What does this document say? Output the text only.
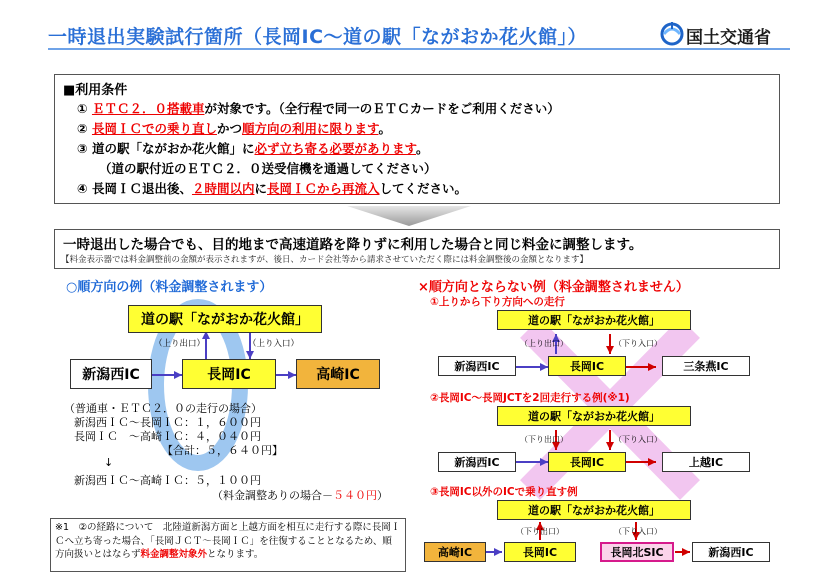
一時退出実験試行箇所（長岡IC～道の駅「ながおか花火館」）	国土交通省
■利用条件
① ＥＴＣ２．０搭載車が対象です。（全行程で同一のＥＴＣカードをご利用ください）
② 長岡ＩＣでの乗り直しかつ順方向の利用に限ります。
③ 道の駅「ながおか花火館」に必ず立ち寄る必要があります。
（道の駅付近のＥＴＣ２．０送受信機を通過してください）
④ 長岡ＩＣ退出後、２時間以内に長岡ＩＣから再流入してください。
一時退出した場合でも、目的地まで高速道路を降りずに利用した場合と同じ料金に調整します。
【料金表示器では料金調整前の金額が表示されますが、後日、カード会社等から請求させていただく際には料金調整後の金額となります】
○順方向の例（料金調整されます）	×順方向とならない例（料金調整されません）
道の駅「ながおか花火館」
（上り出口）	（上り入口）
新潟西IC	長岡IC	高崎IC
（普通車・ＥＴＣ２．０の走行の場合）
新潟西ＩＣ～長岡ＩＣ：１，６００円
長岡ＩＣ　～高崎ＩＣ：４，０４０円
【合計：５，６４０円】
↓
新潟西ＩＣ～高崎ＩＣ：５，１００円
（料金調整ありの場合－５４０円）
※1　②の経路について　北陸道新潟方面と上越方面を相互に走行する際に長岡ＩＣへ立ち寄った場合、「長岡ＪＣＴ～長岡ＩＣ」を往復することとなるため、順方向扱いとはならず料金調整対象外となります。
①上りから下り方向への走行
道の駅「ながおか花火館」
（上り出口）	（下り入口）
新潟西IC	長岡IC	三条燕IC
②長岡IC～長岡JCTを2回走行する例(※1)
道の駅「ながおか花火館」
（下り出口）	（下り入口）
新潟西IC	長岡IC	上越IC
③長岡IC以外のICで乗り直す例
道の駅「ながおか花火館」
（下り出口）	（下り入口）
高崎IC	長岡IC	長岡北SIC	新潟西IC
